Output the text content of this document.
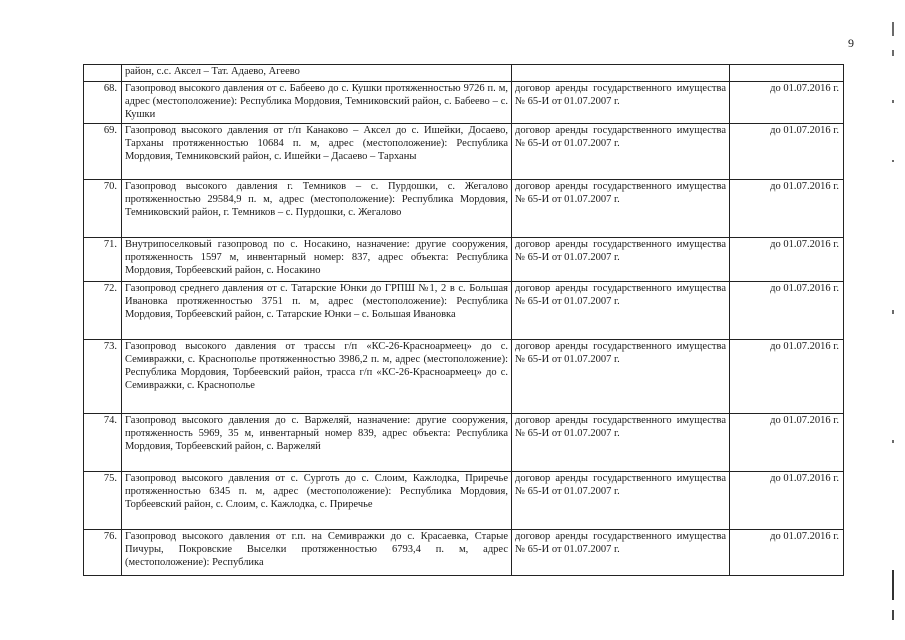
9
	район, с.с. Аксел – Тат. Адаево, Агеево		
68.	Газопровод высокого давления от с. Бабеево до с. Кушки протяженностью 9726 п. м, адрес (местоположение): Республика Мордовия, Темниковский район, с. Бабеево – с. Кушки	договор аренды государственного имущества № 65-И от 01.07.2007 г.	до 01.07.2016 г.
69.	Газопровод высокого давления от г/п Канаково – Аксел до с. Ишейки, Досаево, Тарханы протяженностью 10684 п. м, адрес (местоположение): Республика Мордовия, Темниковский район, с. Ишейки – Дасаево – Тарханы	договор аренды государственного имущества № 65-И от 01.07.2007 г.	до 01.07.2016 г.
70.	Газопровод высокого давления г. Темников – с. Пурдошки, с. Жегалово протяженностью 29584,9 п. м, адрес (местоположение): Республика Мордовия, Темниковский район, г. Темников – с. Пурдошки, с. Жегалово	договор аренды государственного имущества № 65-И от 01.07.2007 г.	до 01.07.2016 г.
71.	Внутрипоселковый газопровод по с. Носакино, назначение: другие сооружения, протяженность 1597 м, инвентарный номер: 837, адрес объекта: Республика Мордовия, Торбеевский район, с. Носакино	договор аренды государственного имущества № 65-И от 01.07.2007 г.	до 01.07.2016 г.
72.	Газопровод среднего давления от с. Татарские Юнки до ГРПШ №1, 2 в с. Большая Ивановка протяженностью 3751 п. м, адрес (местоположение): Республика Мордовия, Торбеевский район, с. Татарские Юнки – с. Большая Ивановка	договор аренды государственного имущества № 65-И от 01.07.2007 г.	до 01.07.2016 г.
73.	Газопровод высокого давления от трассы г/п «КС-26-Красноармеец» до с. Семивражки, с. Краснополье протяженностью 3986,2 п. м, адрес (местоположение): Республика Мордовия, Торбеевский район, трасса г/п «КС-26-Красноармеец» до с. Семивражки, с. Краснополье	договор аренды государственного имущества № 65-И от 01.07.2007 г.	до 01.07.2016 г.
74.	Газопровод высокого давления до с. Варжеляй, назначение: другие сооружения, протяженность 5969, 35 м, инвентарный номер 839, адрес объекта: Республика Мордовия, Торбеевский район, с. Варжеляй	договор аренды государственного имущества № 65-И от 01.07.2007 г.	до 01.07.2016 г.
75.	Газопровод высокого давления от с. Сурготь до с. Слоим, Кажлодка, Приречье протяженностью 6345 п. м, адрес (местоположение): Республика Мордовия, Торбеевский район, с. Слоим, с. Кажлодка, с. Приречье	договор аренды государственного имущества № 65-И от 01.07.2007 г.	до 01.07.2016 г.
76.	Газопровод высокого давления от г.п. на Семивражки до с. Красаевка, Старые Пичуры, Покровские Выселки протяженностью 6793,4 п. м, адрес (местоположение): Республика	договор аренды государственного имущества № 65-И от 01.07.2007 г.	до 01.07.2016 г.
